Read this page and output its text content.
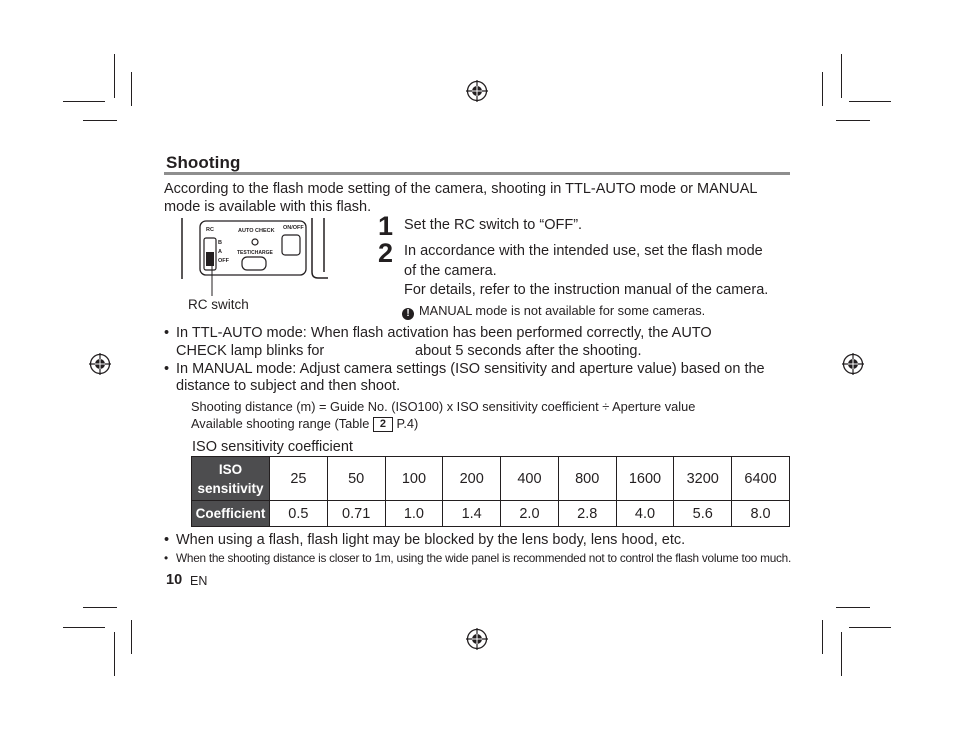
Shooting
According to the flash mode setting of the camera, shooting in TTL-AUTO mode or MANUAL
mode is available with this flash.
RC	AUTO CHECK ON/OFF
B
A
OFF
TEST/CHARGE
RC switch
1 Set the RC switch to “OFF”.
2 In accordance with the intended use, set the flash mode
of the camera.
For details, refer to the instruction manual of the camera.
! MANUAL mode is not available for some cameras.
• In TTL-AUTO mode: When flash activation has been performed correctly, the AUTO
CHECK lamp blinks for	about 5 seconds after the shooting.
• In MANUAL mode: Adjust camera settings (ISO sensitivity and aperture value) based on the
distance to subject and then shoot.
Shooting distance (m) = Guide No. (ISO100) x ISO sensitivity coefficient ÷ Aperture value
Available shooting range (Table 2 P.4)
ISO sensitivity coefficient
ISO
sensitivity	25	50	100	200	400	800	1600	3200	6400
Coefficient	0.5	0.71	1.0	1.4	2.0	2.8	4.0	5.6	8.0
• When using a flash, flash light may be blocked by the lens body, lens hood, etc.
• When the shooting distance is closer to 1m, using the wide panel is recommended not to control the flash volume too much.
10 EN
